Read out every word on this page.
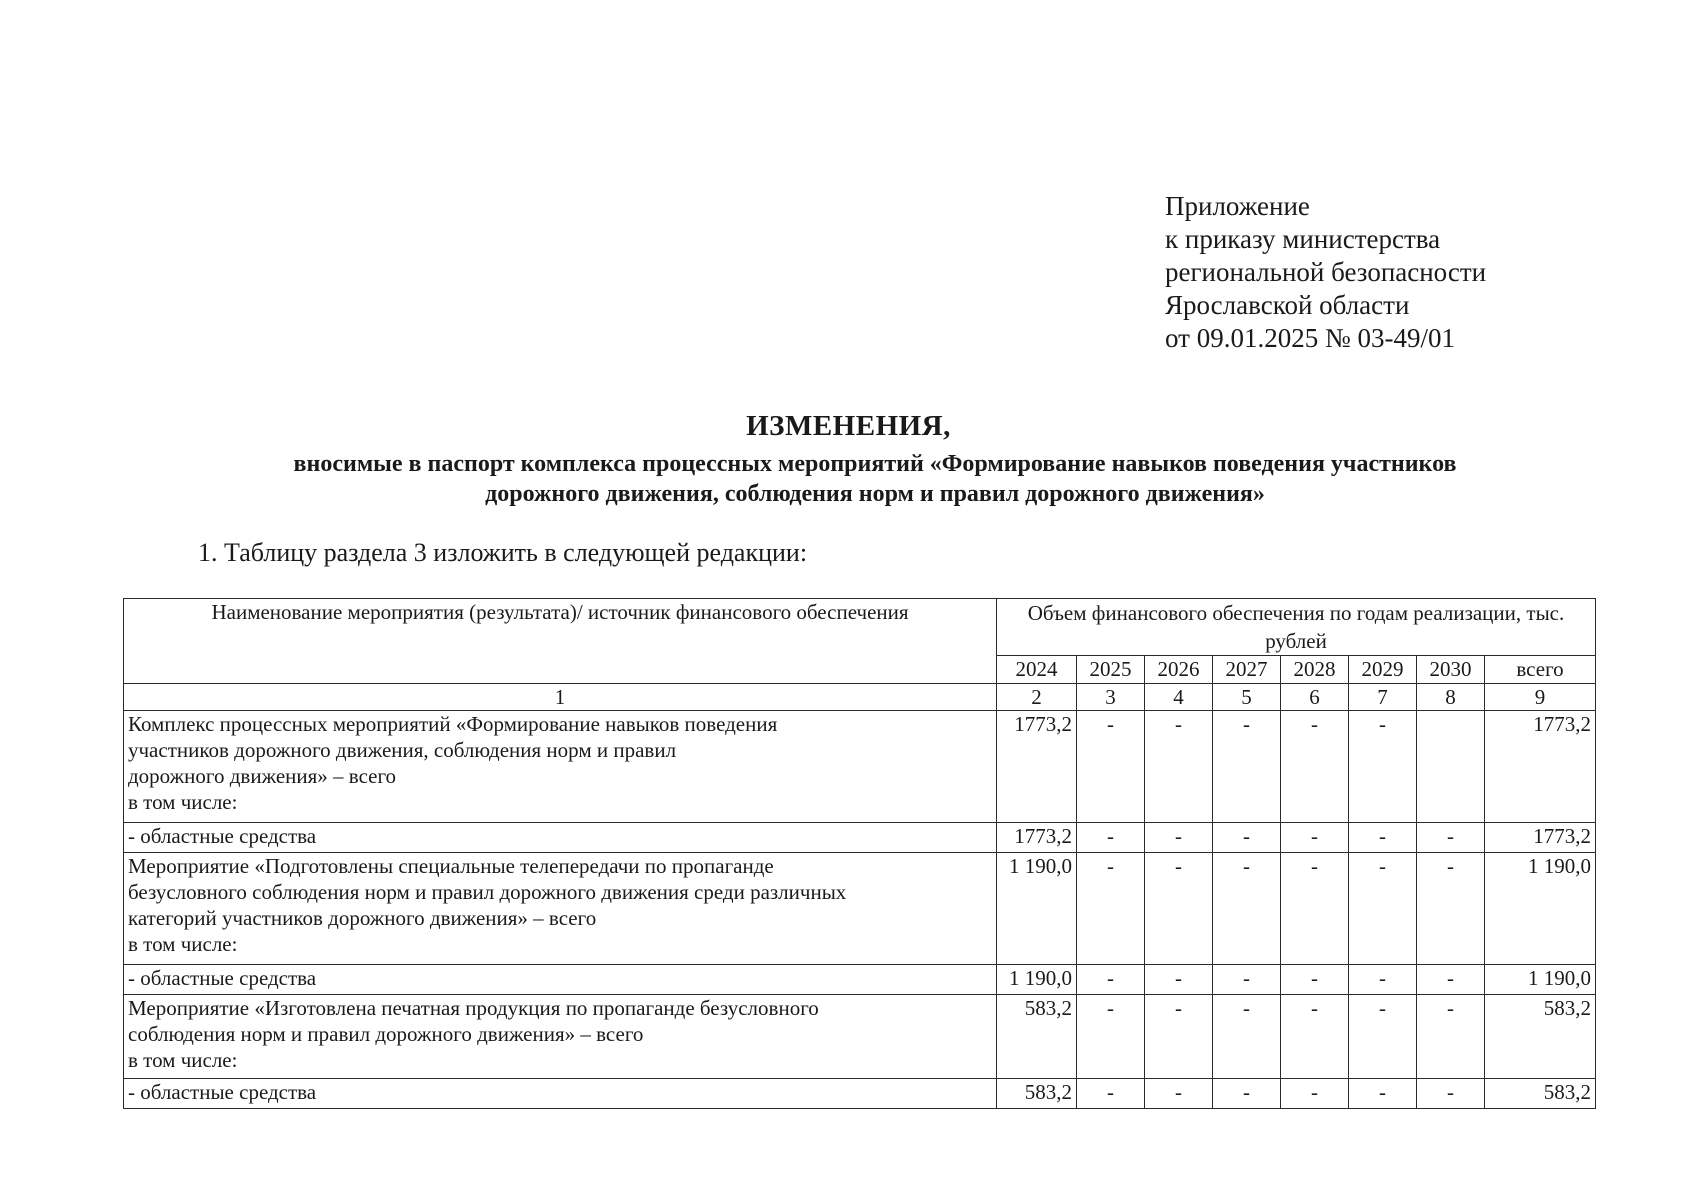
Приложение
к приказу министерства
региональной безопасности
Ярославской области
от 09.01.2025 № 03-49/01
ИЗМЕНЕНИЯ,
вносимые в паспорт комплекса процессных мероприятий «Формирование навыков поведения участников
дорожного движения, соблюдения норм и правил дорожного движения»
1. Таблицу раздела 3 изложить в следующей редакции:
Наименование мероприятия (результата)/ источник финансового обеспечения	Объем финансового обеспечения по годам реализации, тыс. рублей							
	2024	2025	2026	2027	2028	2029	2030	всего
1	2	3	4	5	6	7	8	9

Комплекс процессных мероприятий «Формирование навыков поведения
участников дорожного движения, соблюдения норм и правил
дорожного движения» – всего
в том числе:	1773,2	-	-	-	-	-		1773,2

- областные средства	1773,2	-	-	-	-	-	-	1773,2

Мероприятие «Подготовлены специальные телепередачи по пропаганде
безусловного соблюдения норм и правил дорожного движения среди различных
категорий участников дорожного движения» – всего
в том числе:	1 190,0	-	-	-	-	-	-	1 190,0

- областные средства	1 190,0	-	-	-	-	-	-	1 190,0

Мероприятие «Изготовлена печатная продукция по пропаганде безусловного
соблюдения норм и правил дорожного движения» – всего
в том числе:	583,2	-	-	-	-	-	-	583,2

- областные средства	583,2	-	-	-	-	-	-	583,2
